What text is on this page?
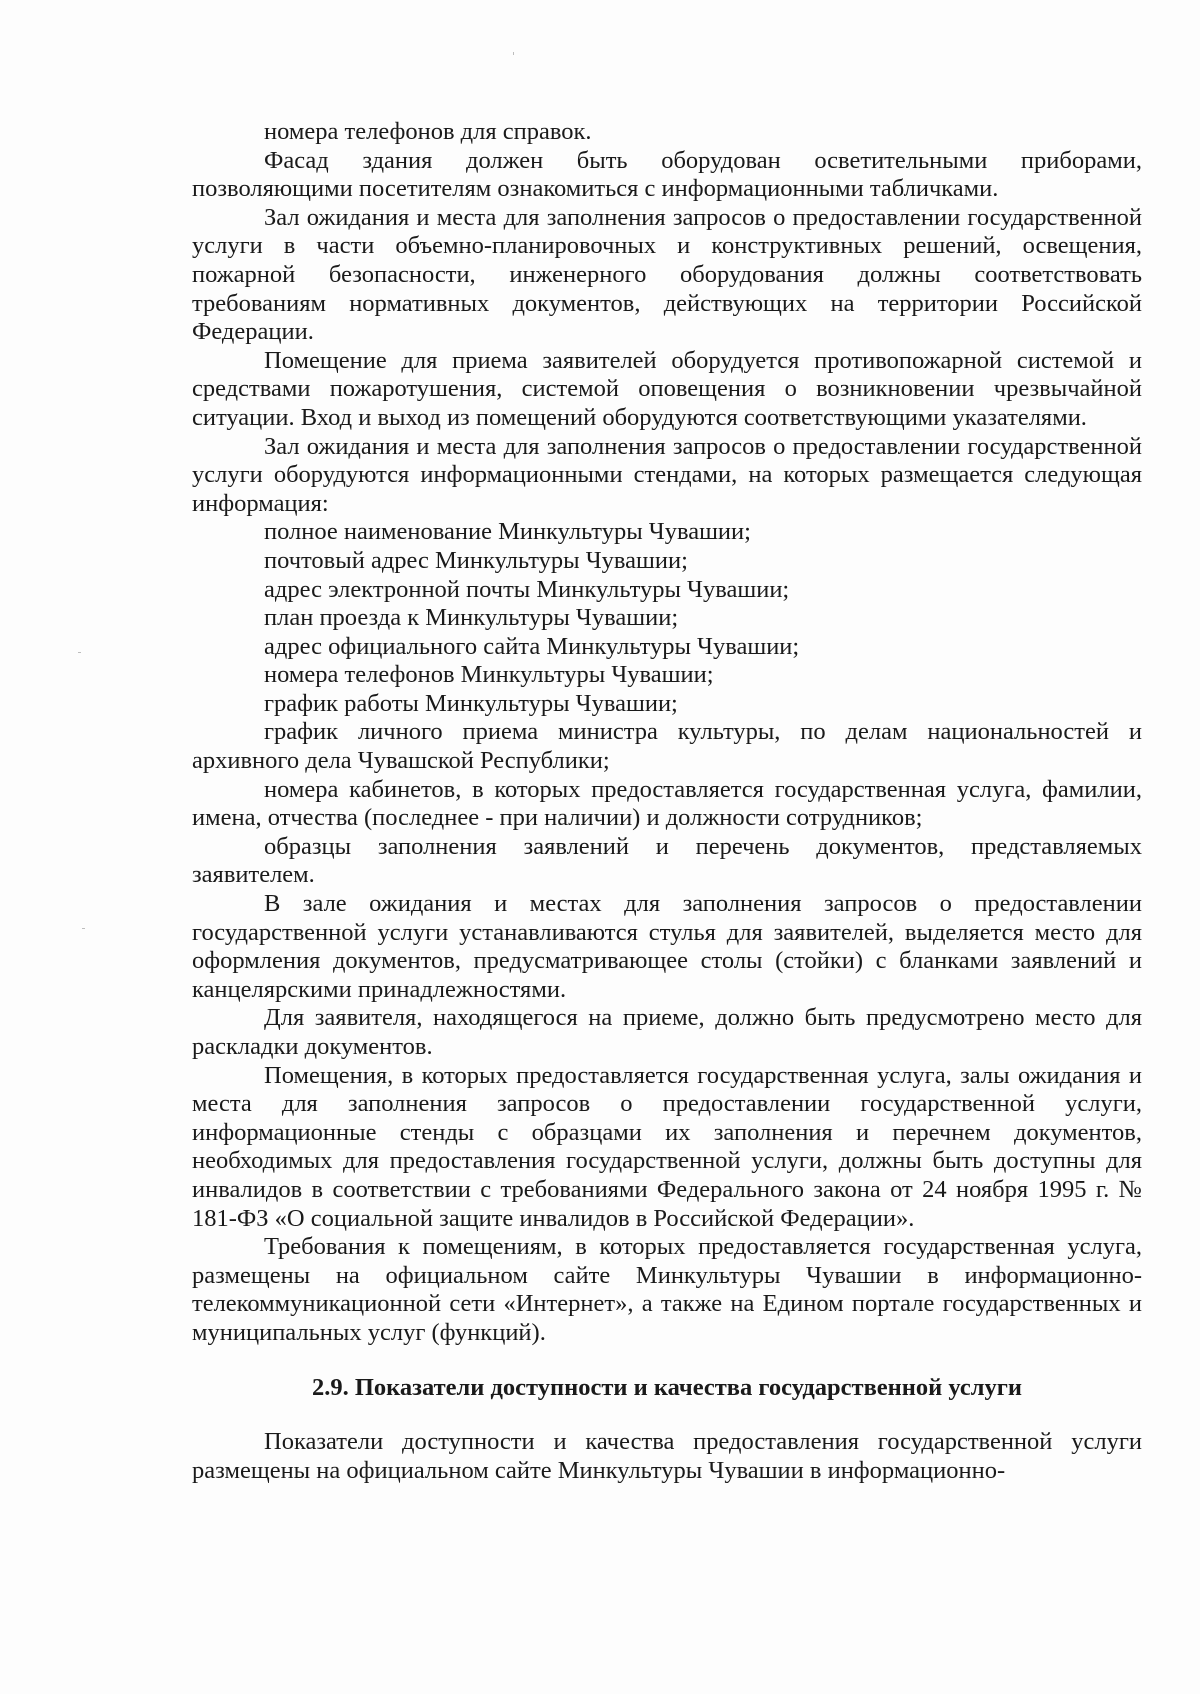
номера телефонов для справок.

Фасад здания должен быть оборудован осветительными приборами, позволяющими посетителям ознакомиться с информационными табличками.

Зал ожидания и места для заполнения запросов о предоставлении государственной услуги в части объемно-планировочных и конструктивных решений, освещения, пожарной безопасности, инженерного оборудования должны соответствовать требованиям нормативных документов, действующих на территории Российской Федерации.

Помещение для приема заявителей оборудуется противопожарной системой и средствами пожаротушения, системой оповещения о возникновении чрезвычайной ситуации. Вход и выход из помещений оборудуются соответствующими указателями.

Зал ожидания и места для заполнения запросов о предоставлении государственной услуги оборудуются информационными стендами, на которых размещается следующая информация:

полное наименование Минкультуры Чувашии;

почтовый адрес Минкультуры Чувашии;

адрес электронной почты Минкультуры Чувашии;

план проезда к Минкультуры Чувашии;

адрес официального сайта Минкультуры Чувашии;

номера телефонов Минкультуры Чувашии;

график работы Минкультуры Чувашии;

график личного приема министра культуры, по делам национальностей и архивного дела Чувашской Республики;

номера кабинетов, в которых предоставляется государственная услуга, фамилии, имена, отчества (последнее - при наличии) и должности сотрудников;

образцы заполнения заявлений и перечень документов, представляемых заявителем.

В зале ожидания и местах для заполнения запросов о предоставлении государственной услуги устанавливаются стулья для заявителей, выделяется место для оформления документов, предусматривающее столы (стойки) с бланками заявлений и канцелярскими принадлежностями.

Для заявителя, находящегося на приеме, должно быть предусмотрено место для раскладки документов.

Помещения, в которых предоставляется государственная услуга, залы ожидания и места для заполнения запросов о предоставлении государственной услуги, информационные стенды с образцами их заполнения и перечнем документов, необходимых для предоставления государственной услуги, должны быть доступны для инвалидов в соответствии с требованиями Федерального закона от 24 ноября 1995 г. № 181-ФЗ «О социальной защите инвалидов в Российской Федерации».

Требования к помещениям, в которых предоставляется государственная услуга, размещены на официальном сайте Минкультуры Чувашии в информационно-телекоммуникационной сети «Интернет», а также на Едином портале государственных и муниципальных услуг (функций).

2.9. Показатели доступности и качества государственной услуги

Показатели доступности и качества предоставления государственной услуги размещены на официальном сайте Минкультуры Чувашии в информационно-
